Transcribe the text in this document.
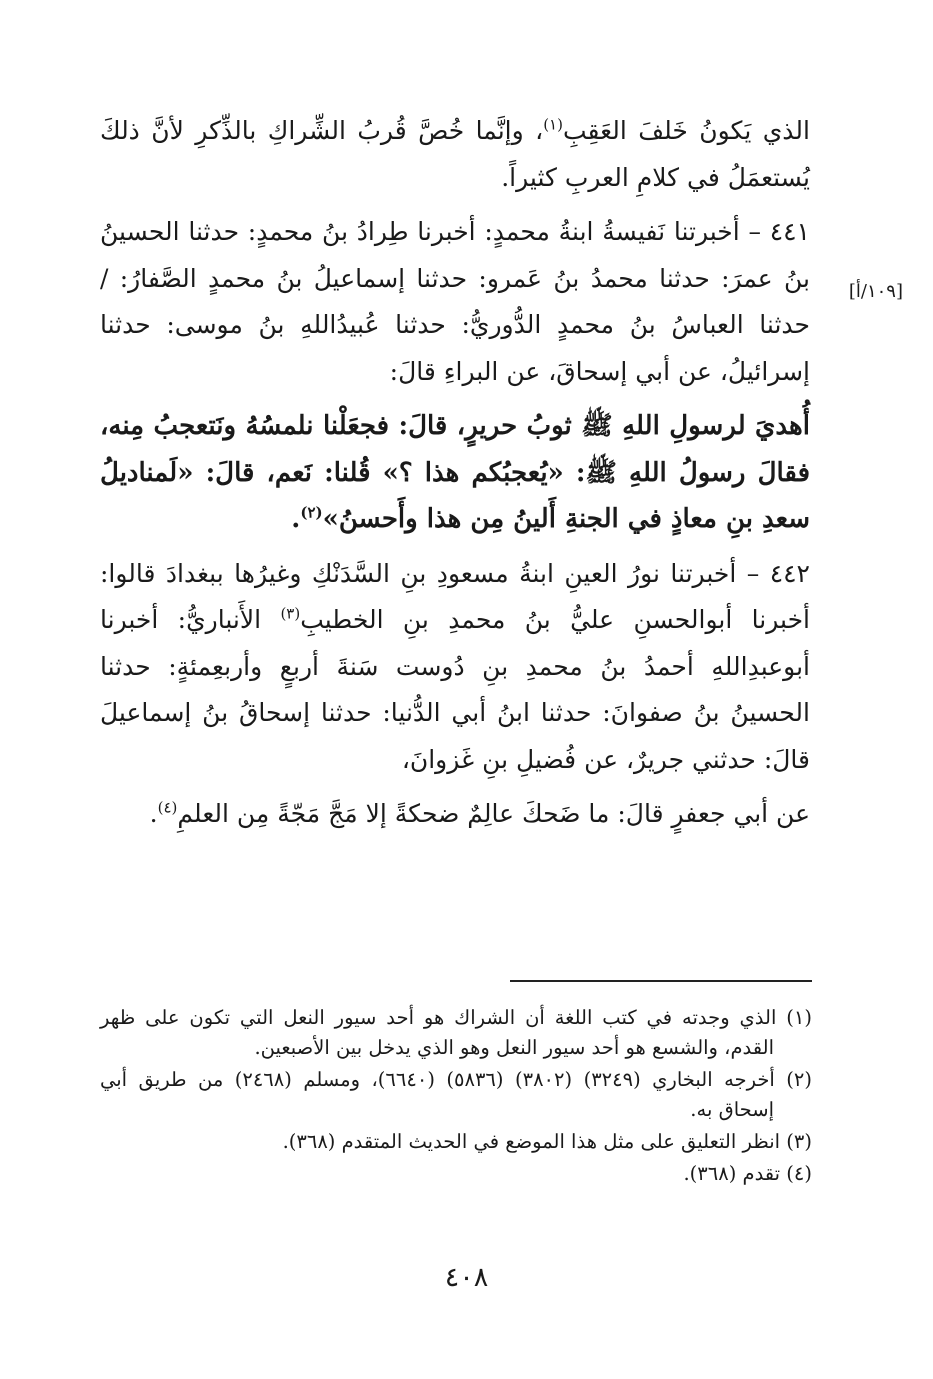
الذي يَكونُ خَلفَ العَقِبِ$^{(١)}$، وإنَّما خُصَّ قُربُ الشِّراكِ بالذِّكرِ لأنَّ ذلكَ يُستعمَلُ في كلامِ العربِ كثيراً.

٤٤١ – أخبرتنا نَفيسةُ ابنةُ محمدٍ: أخبرنا طِرادُ بنُ محمدٍ: حدثنا الحسينُ بنُ عمرَ: حدثنا محمدُ بنُ عَمرو: حدثنا إسماعيلُ بنُ محمدٍ الصَّفارُ: / حدثنا العباسُ بنُ محمدٍ الدُّوريُّ: حدثنا عُبيدُاللهِ بنُ موسى: حدثنا إسرائيلُ، عن أبي إسحاقَ، عن البراءِ قالَ:

أُهديَ لرسولِ اللهِ ﷺ ثوبُ حريرٍ، قالَ: فجعَلْنا نلمسُهُ ونَتعجبُ مِنه، فقالَ رسولُ اللهِ ﷺ: «يُعجبُكم هذا ؟» قُلنا: نَعم، قالَ: «لَمناديلُ سعدِ بنِ معاذٍ في الجنةِ أَلينُ مِن هذا وأَحسنُ»$^{(٢)}$.

٤٤٢ – أخبرتنا نورُ العينِ ابنةُ مسعودِ بنِ السَّدَنْكِ وغيرُها ببغدادَ قالوا: أخبرنا أبوالحسنِ عليُّ بنُ محمدِ بنِ الخطيبِ$^{(٣)}$ الأَنباريُّ: أخبرنا أبوعبدِاللهِ أحمدُ بنُ محمدِ بنِ دُوست سَنةَ أربعٍ وأربعِمئةٍ: حدثنا الحسينُ بنُ صفوانَ: حدثنا ابنُ أبي الدُّنيا: حدثنا إسحاقُ بنُ إسماعيلَ قالَ: حدثني جريرٌ، عن فُضيلِ بنِ غَزوانَ،

عن أبي جعفرٍ قالَ: ما ضَحكَ عالِمٌ ضحكةً إلا مَجَّ مَجّةً مِن العلمِ$^{(٤)}$.

[١٠٩/أ]

(١) الذي وجدته في كتب اللغة أن الشراك هو أحد سيور النعل التي تكون على ظهر القدم، والشسع هو أحد سيور النعل وهو الذي يدخل بين الأصبعين.

(٢) أخرجه البخاري (٣٢٤٩) (٣٨٠٢) (٥٨٣٦) (٦٦٤٠)، ومسلم (٢٤٦٨) من طريق أبي إسحاق به.

(٣) انظر التعليق على مثل هذا الموضع في الحديث المتقدم (٣٦٨).

(٤) تقدم (٣٦٨).

٤٠٨
